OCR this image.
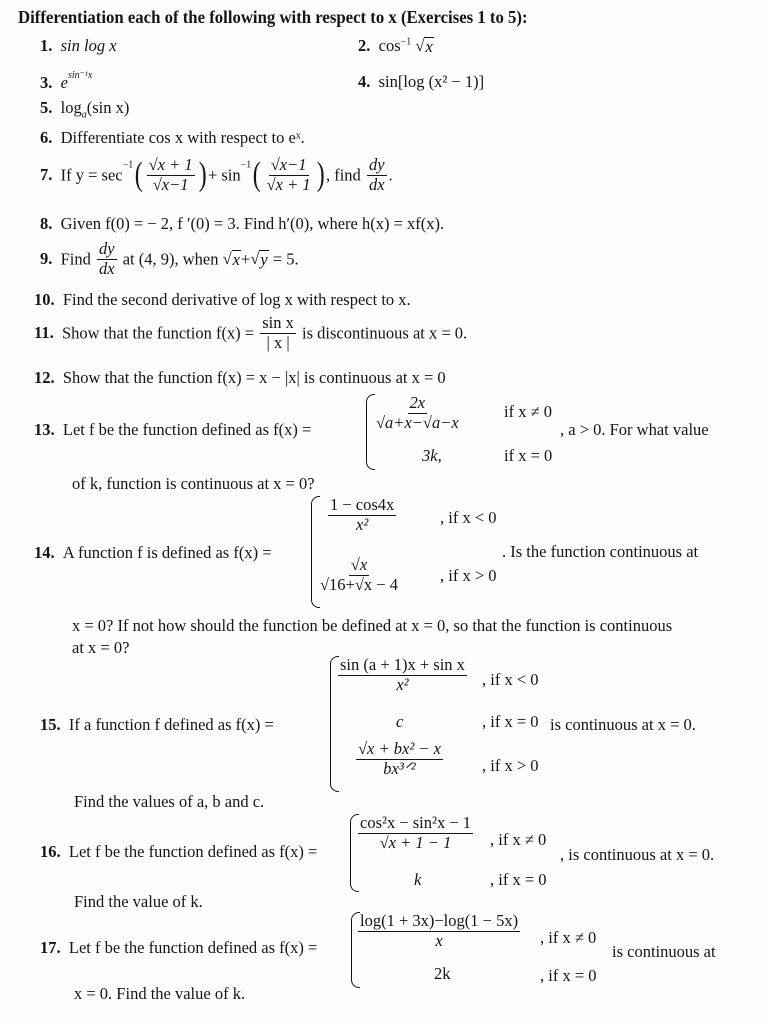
Differentiation each of the following with respect to x (Exercises 1 to 5):
1. sin log x	2. $\cos^{-1}$ √ x
3. $e^{sin^{-1}x}$	4. sin[log (x² − 1)]
5. $\log_a(\sin$ x)
6. Differentiate cos x with respect to eˣ.
7. If $y = \sec^{-1}( \frac{√x + 1}{√x-1}$ ) + $\sin^{-1}( \frac{√x-1}{√x + 1}$ ) , find $\frac{dy}{dx}$ .
8. Given f(0) = − 2, f ′(0) = 3. Find h′(0), where h(x) = xf(x).
9. Find $\frac{dy}{dx}$ at (4, 9), when √ x + √ y = 5.
10. Find the second derivative of log x with respect to x.
11. Show that the function $f(x) = \frac{\text{sin x}}{| x |}$ is discontinuous at x = 0.
12. Show that the function f(x) = x − |x| is continuous at x = 0
13. Let f be the function defined as f(x) =	$\frac{2x}{√a+x-√a-x}$	if x ≠ 0
3k,	if x = 0
, a > 0. For what value
of k, function is continuous at x = 0?
14. A function f is defined as f(x) =
$\frac{1 - \cos 4x}{\text{x²}}$	, if x < 0
$\frac{√x}{√16+√x - 4}$ , if x > 0
. Is the function continuous at
x = 0? If not how should the function be defined at x = 0, so that the function is continuous
at x = 0?
15. If a function f defined as f(x) =
$\frac{\text{sin (a + 1)x + sin x}}{\text{x²}}$ , if x < 0
c	, if x = 0
$\frac{\text{√x + bx² − x}}{\text{bx³ᐟ²}}$ , if x > 0
is continuous at x = 0.
Find the values of a, b and c.
16. Let f be the function defined as $f(x) = \frac{\text{cos²x − sin²x − 1}}{√x + 1 - 1}$ , if x ≠ 0
k	, if x = 0
, is continuous at x = 0.
Find the value of k.
17. Let f be the function defined as $f(x) = \frac{\log(1 + 3x)-\log(1 - 5x)}{x}$ , if x ≠ 0
2k	, if x = 0
is continuous at
x = 0. Find the value of k.
